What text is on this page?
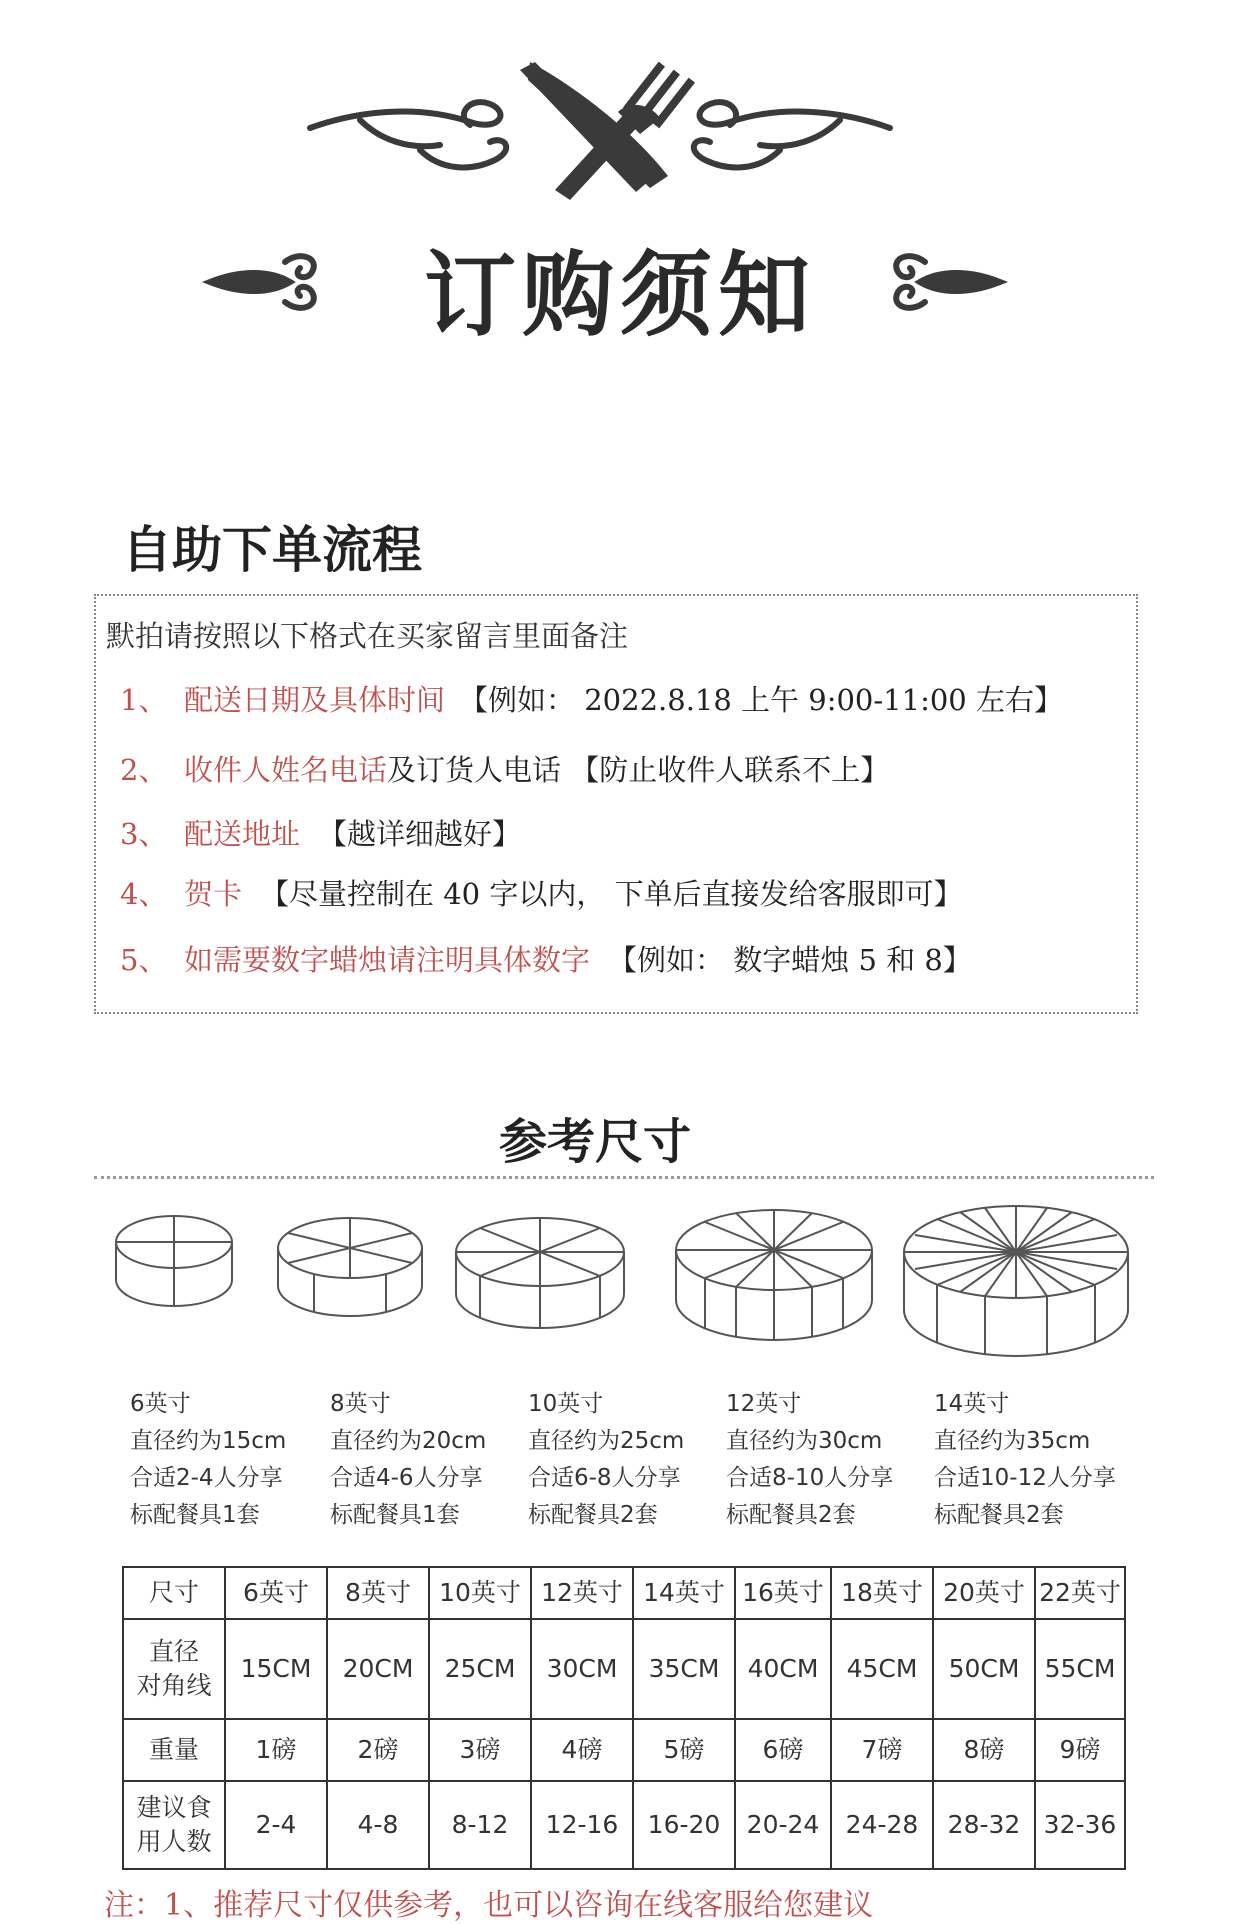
订购须知
自助下单流程
默拍请按照以下格式在买家留言里面备注
1、 配送日期及具体时间 【例如： 2022.8.18 上午 9:00-11:00 左右】
2、 收件人姓名电话及订货人电话 【防止收件人联系不上】
3、 配送地址 【越详细越好】
4、 贺卡 【尽量控制在 40 字以内， 下单后直接发给客服即可】
5、 如需要数字蜡烛请注明具体数字 【例如： 数字蜡烛 5 和 8】
参考尺寸
6英寸
直径约为15cm
合适2-4人分享
标配餐具1套
8英寸
直径约为20cm
合适4-6人分享
标配餐具1套
10英寸
直径约为25cm
合适6-8人分享
标配餐具2套
12英寸
直径约为30cm
合适8-10人分享
标配餐具2套
14英寸
直径约为35cm
合适10-12人分享
标配餐具2套
尺寸	6英寸	8英寸	10英寸	12英寸	14英寸	16英寸	18英寸	20英寸	22英寸

直径
对角线	15CM	20CM	25CM	30CM	35CM	40CM	45CM	50CM	55CM
重量	1磅	2磅	3磅	4磅	5磅	6磅	7磅	8磅	9磅

建议食
用人数	2-4	4-8	8-12	12-16	16-20	20-24	24-28	28-32	32-36
注：1、推荐尺寸仅供参考，也可以咨询在线客服给您建议
